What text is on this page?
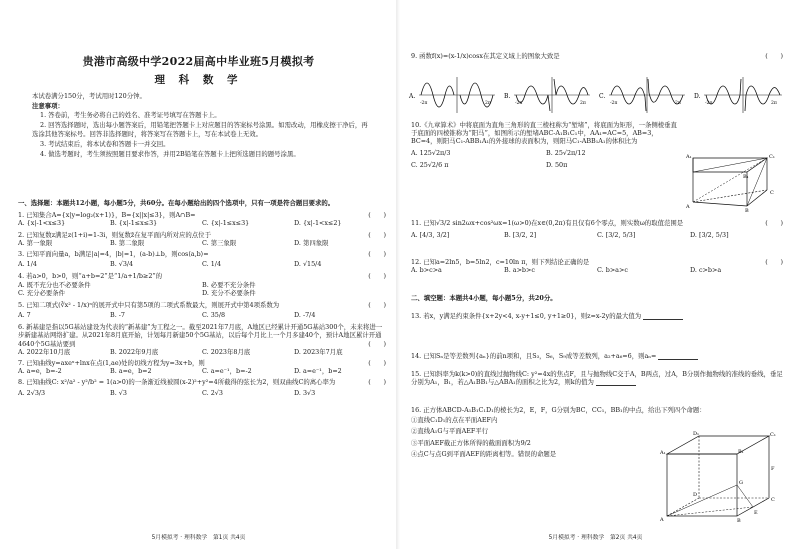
贵港市高级中学2022届高中毕业班5月模拟考
理 科 数 学
本试卷满分150分，考试用时120分钟。
注意事项：
1. 答卷前，考生务必将自己的姓名、准考证号填写在答题卡上。
2. 回答选择题时，选出每小题答案后，用铅笔把答题卡上对应题目的答案标号涂黑。如需改动，用橡皮擦干净后，再选涂其他答案标号。回答非选择题时，将答案写在答题卡上，写在本试卷上无效。
3. 考试结束后，将本试卷和答题卡一并交回。
4. 做选考题时，考生须按照题目要求作答，并用2B铅笔在答题卡上把所选题目的题号涂黑。
一、选择题：本题共12小题，每小题5分，共60分。在每小题给出的四个选项中，只有一项是符合题目要求的。
1. 已知集合A={x|y=log₂(x+1)}，B={x||x|≤3}，则A∩B=	(　　)
A. {x|-1<x≤3}	B. {x|-1≤x≤3}	C. {x|-1≤x≤3}	D. {x|-1<x≤2}
2. 已知复数z满足z(1+i)=1-3i，则复数z̄在复平面内所对应的点位于	(　　)
A. 第一象限	B. 第二象限	C. 第三象限	D. 第四象限
3. 已知平面向量a，b满足|a|=4，|b|=1，(a-b)⊥b，则cos⟨a,b⟩=	(　　)
A. 1/4	B. √3/4	C. 1/4	D. √15/4
4. 若a>0，b>0，则“a+b=2”是“1/a+1/b≥2”的	(　　)
A. 既不充分也不必要条件	B. 必要不充分条件
C. 充分必要条件	D. 充分不必要条件
5. 已知二项式(∛x² - 1/x)ⁿ的展开式中只有第5项的二项式系数最大，则展开式中第4项系数为	(　　)
A. 7	B. -7	C. 35/8	D. -7/4
6. 新基建是指以5G基站建设为代表的“新基建”为工程之一。截至2021年7月底，A地区已经累计开通5G基站300个，未来将进一步新建基站网络扩建。从2021年8月底开始，计划每月新建50个5G基站，以后每个月比上一个月多建40个，预计A地区累计开通4640个5G基站要到	(　　)
A. 2022年10月底	B. 2022年9月底	C. 2023年8月底	D. 2023年7月底
7. 已知曲线y=axeˣ+lnx在点(1,ae)处的切线方程为y=3x+b，则	(　　)
A. a=e，b=-2	B. a=e，b=2	C. a=e⁻¹，b=-2	D. a=e⁻¹，b=2
8. 已知曲线C: x²/a² - y²/b² = 1(a>0)的一条渐近线被圆(x-2)²+y²=4所截得的弦长为2，则双曲线C的离心率为	(　　)
A. 2√3/3	B. √3	C. 2√3	D. 3√3
5月模拟考 · 理科数学　第1页 共4页
9. 函数f(x)=(x-1/x)cosx在其定义域上的图象大致是	(　　)
A.
-2π	2π
B.
-2π	2π
C.
-2π	2π
D.
-2π	2π
10.《九章算术》中将底面为直角三角形的直三棱柱称为“堑堵”，将底面为矩形，一条侧棱垂直于底面的四棱锥称为“阳马”，如图所示的堑堵ABC-A₁B₁C₁中，AA₁=AC=5，AB=3，BC=4，则阳马C₁-ABB₁A₁的外接球的表面积为，则阳马C₁-ABB₁A₁的体积比为
A. 125√2π/3	B. 25√2π/12
C. 25√2/6 π	D. 50π
A₁	C₁
B₁
A
C
B
11. 已知√3/2 sin2ωx+cos²ωx=1(ω>0)在x∈(0,2π)有且仅有6个零点，则实数ω的取值范围是	(　　)
A. [4/3, 3/2]	B. [3/2, 2]	C. [3/2, 5/3]	D. [3/2, 5/3]
12. 已知a=2ln5，b=5ln2，c=10ln π，则下列结论正确的是	(　　)
A. b>c>a	B. a>b>c	C. b>a>c	D. c>b>a
二、填空题：本题共4小题，每小题5分，共20分。
13. 若x，y满足约束条件{x+2y<4, x-y+1≤0, y+1≥0}，则z=x-2y的最大值为
14. 已知Sₙ是等差数列{aₙ}的前n项和，且S₃，S₆，S₉成等差数列，a₂+a₆=6，则aₙ=
15. 已知斜率为k(k>0)的直线过抛物线C: y²=4x的焦点F，且与抛物线C交于A，B两点，过A，B分别作抛物线的准线的垂线，垂足分别为A₁，B₁，若△A₁BB₁与△ABA₁的面积之比为2，则k的值为
16. 正方体ABCD-A₁B₁C₁D₁的棱长为2，E，F，G分别为BC，CC₁，BB₁的中点，给出下列四个命题：
①直线C₁D₁的点在平面AEF内
②直线A₁G与平面AEF平行
③平面AEF截正方体所得的截面面积为9/2
④点C与点G到平面AEF的距离相等。错误的命题是
D₁	C₁
A₁	B₁
D
C
A	B
E
F
G
5月模拟考 · 理科数学　第2页 共4页
